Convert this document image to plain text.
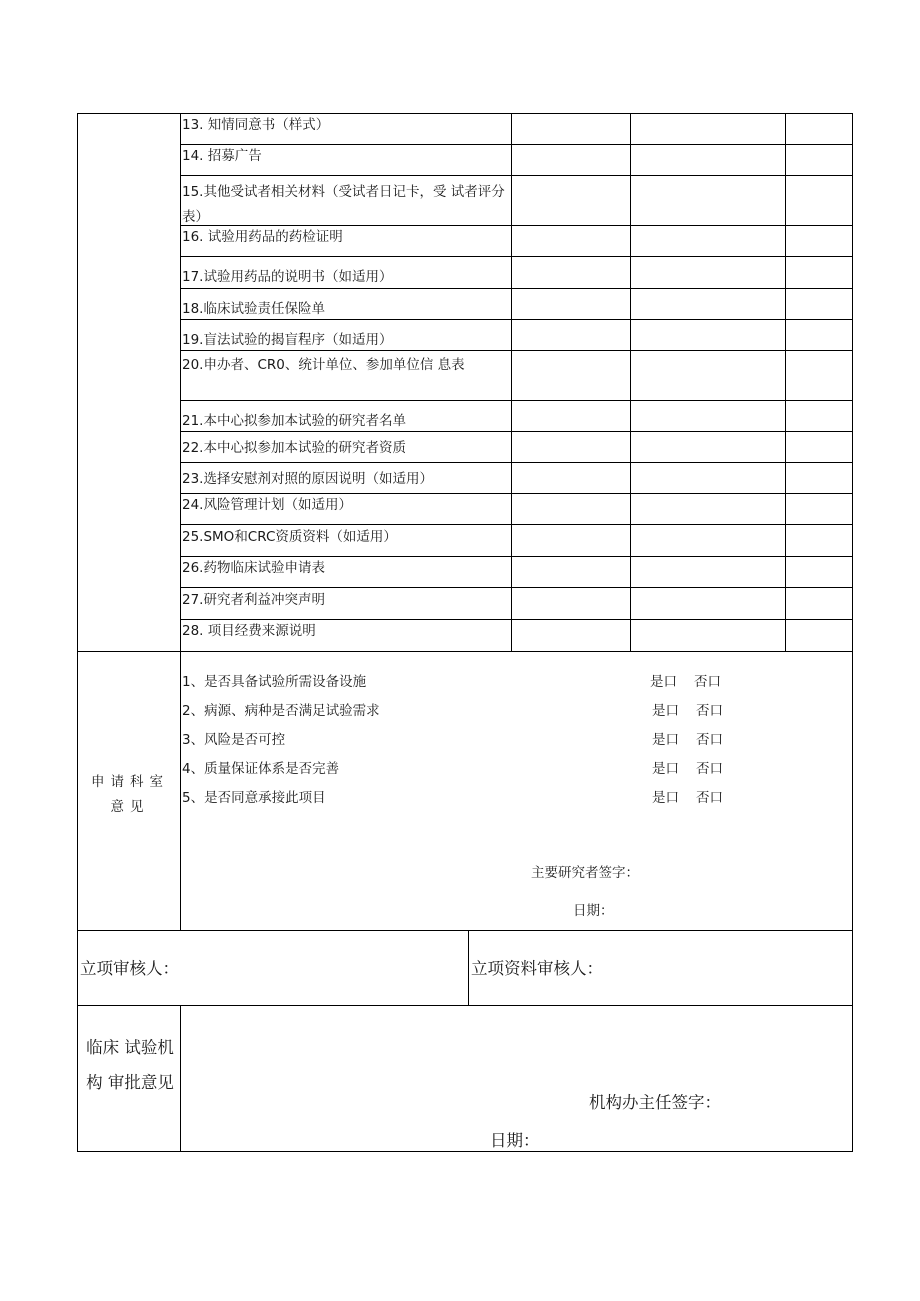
13. 知情同意书（样式）
14. 招募广告
15.其他受试者相关材料（受试者日记卡，受 试者评分表）
16. 试验用药品的药检证明
17.试验用药品的说明书（如适用）
18.临床试验责任保险单
19.盲法试验的揭盲程序（如适用）
20.申办者、CR0、统计单位、参加单位信 息表
21.本中心拟参加本试验的研究者名单
22.本中心拟参加本试验的研究者资质
23.选择安慰剂对照的原因说明（如适用）
24.风险管理计划（如适用）
25.SMO和CRC资质资料（如适用）
26.药物临床试验申请表
27.研究者利益冲突声明
28. 项目经费来源说明
申请科室意见
1、是否具备试验所需设备设施	是口 否口
2、病源、病种是否满足试验需求	是口 否口
3、风险是否可控	是口 否口
4、质量保证体系是否完善	是口 否口
5、是否同意承接此项目	是口 否口
主要研究者签字：
日期：
立项审核人：	立项资料审核人：
临床 试验机构 审批意见
机构办主任签字：
日期：
